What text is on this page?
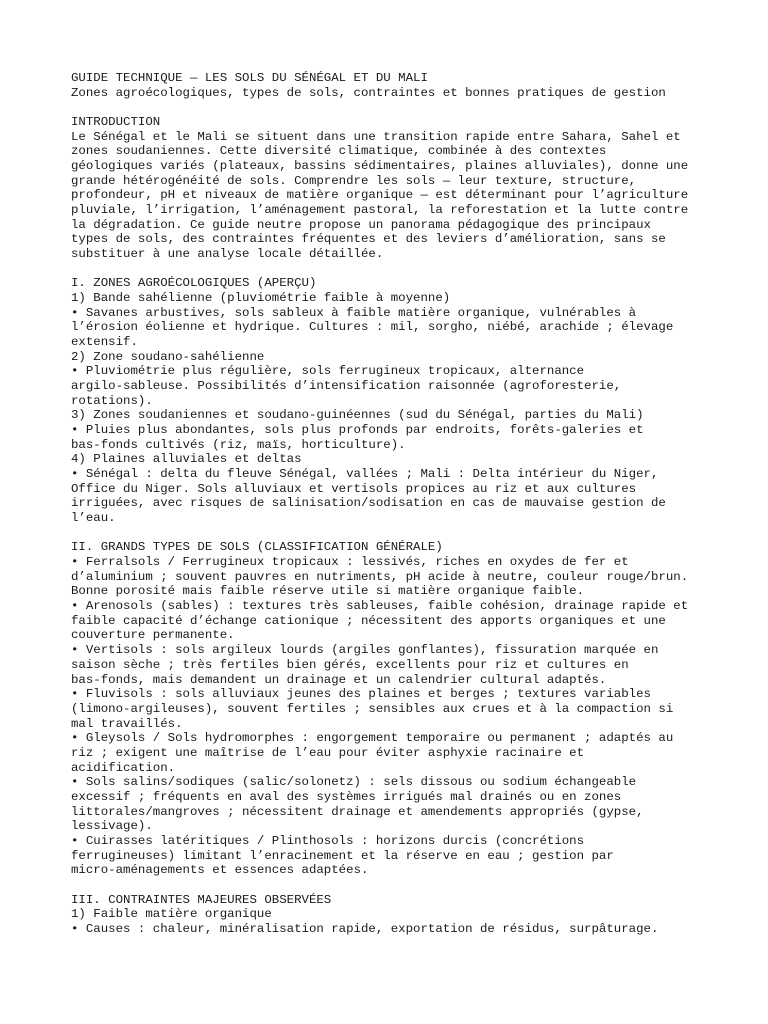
GUIDE TECHNIQUE — LES SOLS DU SÉNÉGAL ET DU MALI
Zones agroécologiques, types de sols, contraintes et bonnes pratiques de gestion
INTRODUCTION
Le Sénégal et le Mali se situent dans une transition rapide entre Sahara, Sahel et
zones soudaniennes. Cette diversité climatique, combinée à des contextes
géologiques variés (plateaux, bassins sédimentaires, plaines alluviales), donne une
grande hétérogénéité de sols. Comprendre les sols — leur texture, structure,
profondeur, pH et niveaux de matière organique — est déterminant pour l’agriculture
pluviale, l’irrigation, l’aménagement pastoral, la reforestation et la lutte contre
la dégradation. Ce guide neutre propose un panorama pédagogique des principaux
types de sols, des contraintes fréquentes et des leviers d’amélioration, sans se
substituer à une analyse locale détaillée.
I. ZONES AGROÉCOLOGIQUES (APERÇU)
1) Bande sahélienne (pluviométrie faible à moyenne)
• Savanes arbustives, sols sableux à faible matière organique, vulnérables à
l’érosion éolienne et hydrique. Cultures : mil, sorgho, niébé, arachide ; élevage
extensif.
2) Zone soudano-sahélienne
• Pluviométrie plus régulière, sols ferrugineux tropicaux, alternance
argilo-sableuse. Possibilités d’intensification raisonnée (agroforesterie,
rotations).
3) Zones soudaniennes et soudano-guinéennes (sud du Sénégal, parties du Mali)
• Pluies plus abondantes, sols plus profonds par endroits, forêts-galeries et
bas-fonds cultivés (riz, maïs, horticulture).
4) Plaines alluviales et deltas
• Sénégal : delta du fleuve Sénégal, vallées ; Mali : Delta intérieur du Niger,
Office du Niger. Sols alluviaux et vertisols propices au riz et aux cultures
irriguées, avec risques de salinisation/sodisation en cas de mauvaise gestion de
l’eau.
II. GRANDS TYPES DE SOLS (CLASSIFICATION GÉNÉRALE)
• Ferralsols / Ferrugineux tropicaux : lessivés, riches en oxydes de fer et
d’aluminium ; souvent pauvres en nutriments, pH acide à neutre, couleur rouge/brun.
Bonne porosité mais faible réserve utile si matière organique faible.
• Arenosols (sables) : textures très sableuses, faible cohésion, drainage rapide et
faible capacité d’échange cationique ; nécessitent des apports organiques et une
couverture permanente.
• Vertisols : sols argileux lourds (argiles gonflantes), fissuration marquée en
saison sèche ; très fertiles bien gérés, excellents pour riz et cultures en
bas-fonds, mais demandent un drainage et un calendrier cultural adaptés.
• Fluvisols : sols alluviaux jeunes des plaines et berges ; textures variables
(limono-argileuses), souvent fertiles ; sensibles aux crues et à la compaction si
mal travaillés.
• Gleysols / Sols hydromorphes : engorgement temporaire ou permanent ; adaptés au
riz ; exigent une maîtrise de l’eau pour éviter asphyxie racinaire et
acidification.
• Sols salins/sodiques (salic/solonetz) : sels dissous ou sodium échangeable
excessif ; fréquents en aval des systèmes irrigués mal drainés ou en zones
littorales/mangroves ; nécessitent drainage et amendements appropriés (gypse,
lessivage).
• Cuirasses latéritiques / Plinthosols : horizons durcis (concrétions
ferrugineuses) limitant l’enracinement et la réserve en eau ; gestion par
micro-aménagements et essences adaptées.
III. CONTRAINTES MAJEURES OBSERVÉES
1) Faible matière organique
• Causes : chaleur, minéralisation rapide, exportation de résidus, surpâturage.
